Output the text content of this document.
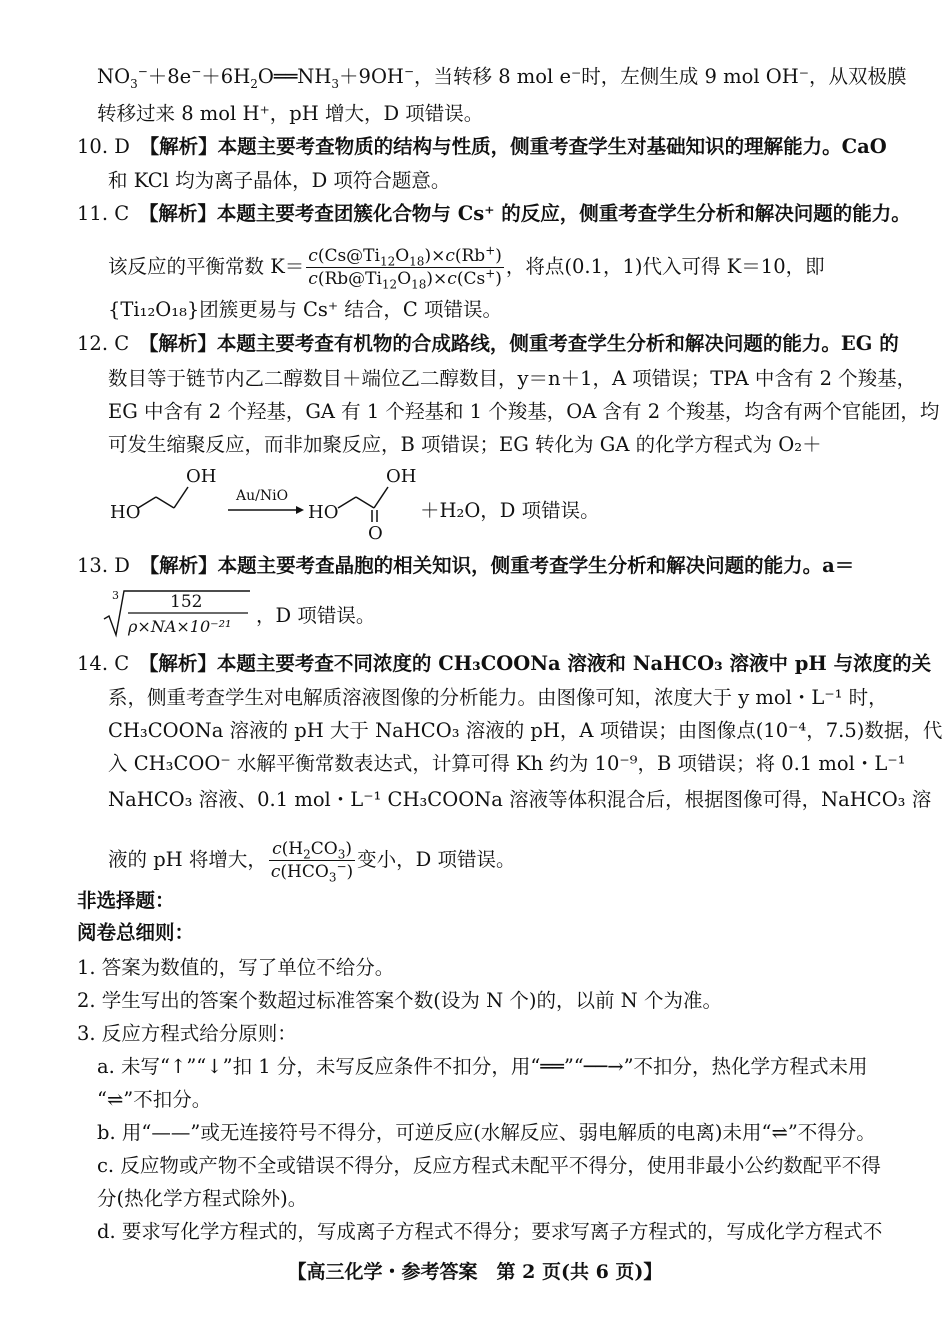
$NO_3^-+8e^-+6H_2O══NH_3+9OH^-$，当转移 8 mol e⁻时，左侧生成 9 mol OH⁻，从双极膜
转移过来 8 mol H⁺，pH 增大，D 项错误。
10. D　 【解析】本题主要考查物质的结构与性质，侧重考查学生对基础知识的理解能力。CaO
和 KCl 均为离子晶体，D 项符合题意。
11. C　 【解析】本题主要考查团簇化合物与 Cs⁺ 的反应，侧重考查学生分析和解决问题的能力。
该反应的平衡常数 $K= \frac{c(Cs@Ti_{12}O_{18})\times c(Rb^+)}{c(Rb@Ti_{12}O_{18})\times c(Cs^+)}$ ，将点(0.1，1)代入可得 K＝10，即
{Ti₁₂O₁₈}团簇更易与 Cs⁺ 结合，C 项错误。
12. C　 【解析】本题主要考查有机物的合成路线，侧重考查学生分析和解决问题的能力。EG 的
数目等于链节内乙二醇数目＋端位乙二醇数目，y＝n＋1，A 项错误；TPA 中含有 2 个羧基，
EG 中含有 2 个羟基，GA 有 1 个羟基和 1 个羧基，OA 含有 2 个羧基，均含有两个官能团，均
可发生缩聚反应，而非加聚反应，B 项错误；EG 转化为 GA 的化学方程式为 O₂＋
HO
OH
Au/NiO
HO
OH
O
＋H₂O，D 项错误。
13. D　 【解析】本题主要考查晶胞的相关知识，侧重考查学生分析和解决问题的能力。a＝
3	152
ρ×NA×10⁻²¹ ，D 项错误。
14. C　 【解析】本题主要考查不同浓度的 CH₃COONa 溶液和 NaHCO₃ 溶液中 pH 与浓度的关
系，侧重考查学生对电解质溶液图像的分析能力。由图像可知，浓度大于 y mol・L⁻¹ 时，
CH₃COONa 溶液的 pH 大于 NaHCO₃ 溶液的 pH，A 项错误；由图像点(10⁻⁴，7.5)数据，代
入 CH₃COO⁻ 水解平衡常数表达式，计算可得 Kh 约为 10⁻⁹，B 项错误；将 0.1 mol・L⁻¹
NaHCO₃ 溶液、0.1 mol・L⁻¹ CH₃COONa 溶液等体积混合后，根据图像可得，NaHCO₃ 溶
液的 pH 将增大， $\frac{c(H_2CO_3)}{c(HCO_3^-)}$ 变小，D 项错误。
非选择题：
阅卷总细则：
1. 答案为数值的，写了单位不给分。
2. 学生写出的答案个数超过标准答案个数(设为 N 个)的，以前 N 个为准。
3. 反应方程式给分原则：
a. 未写“↑”“↓”扣 1 分，未写反应条件不扣分，用“══”“──→”不扣分，热化学方程式未用
“⇌”不扣分。
b. 用“——”或无连接符号不得分，可逆反应(水解反应、弱电解质的电离)未用“⇌”不得分。
c. 反应物或产物不全或错误不得分，反应方程式未配平不得分，使用非最小公约数配平不得
分(热化学方程式除外)。
d. 要求写化学方程式的，写成离子方程式不得分；要求写离子方程式的，写成化学方程式不
【高三化学・参考答案　第 2 页(共 6 页)】
